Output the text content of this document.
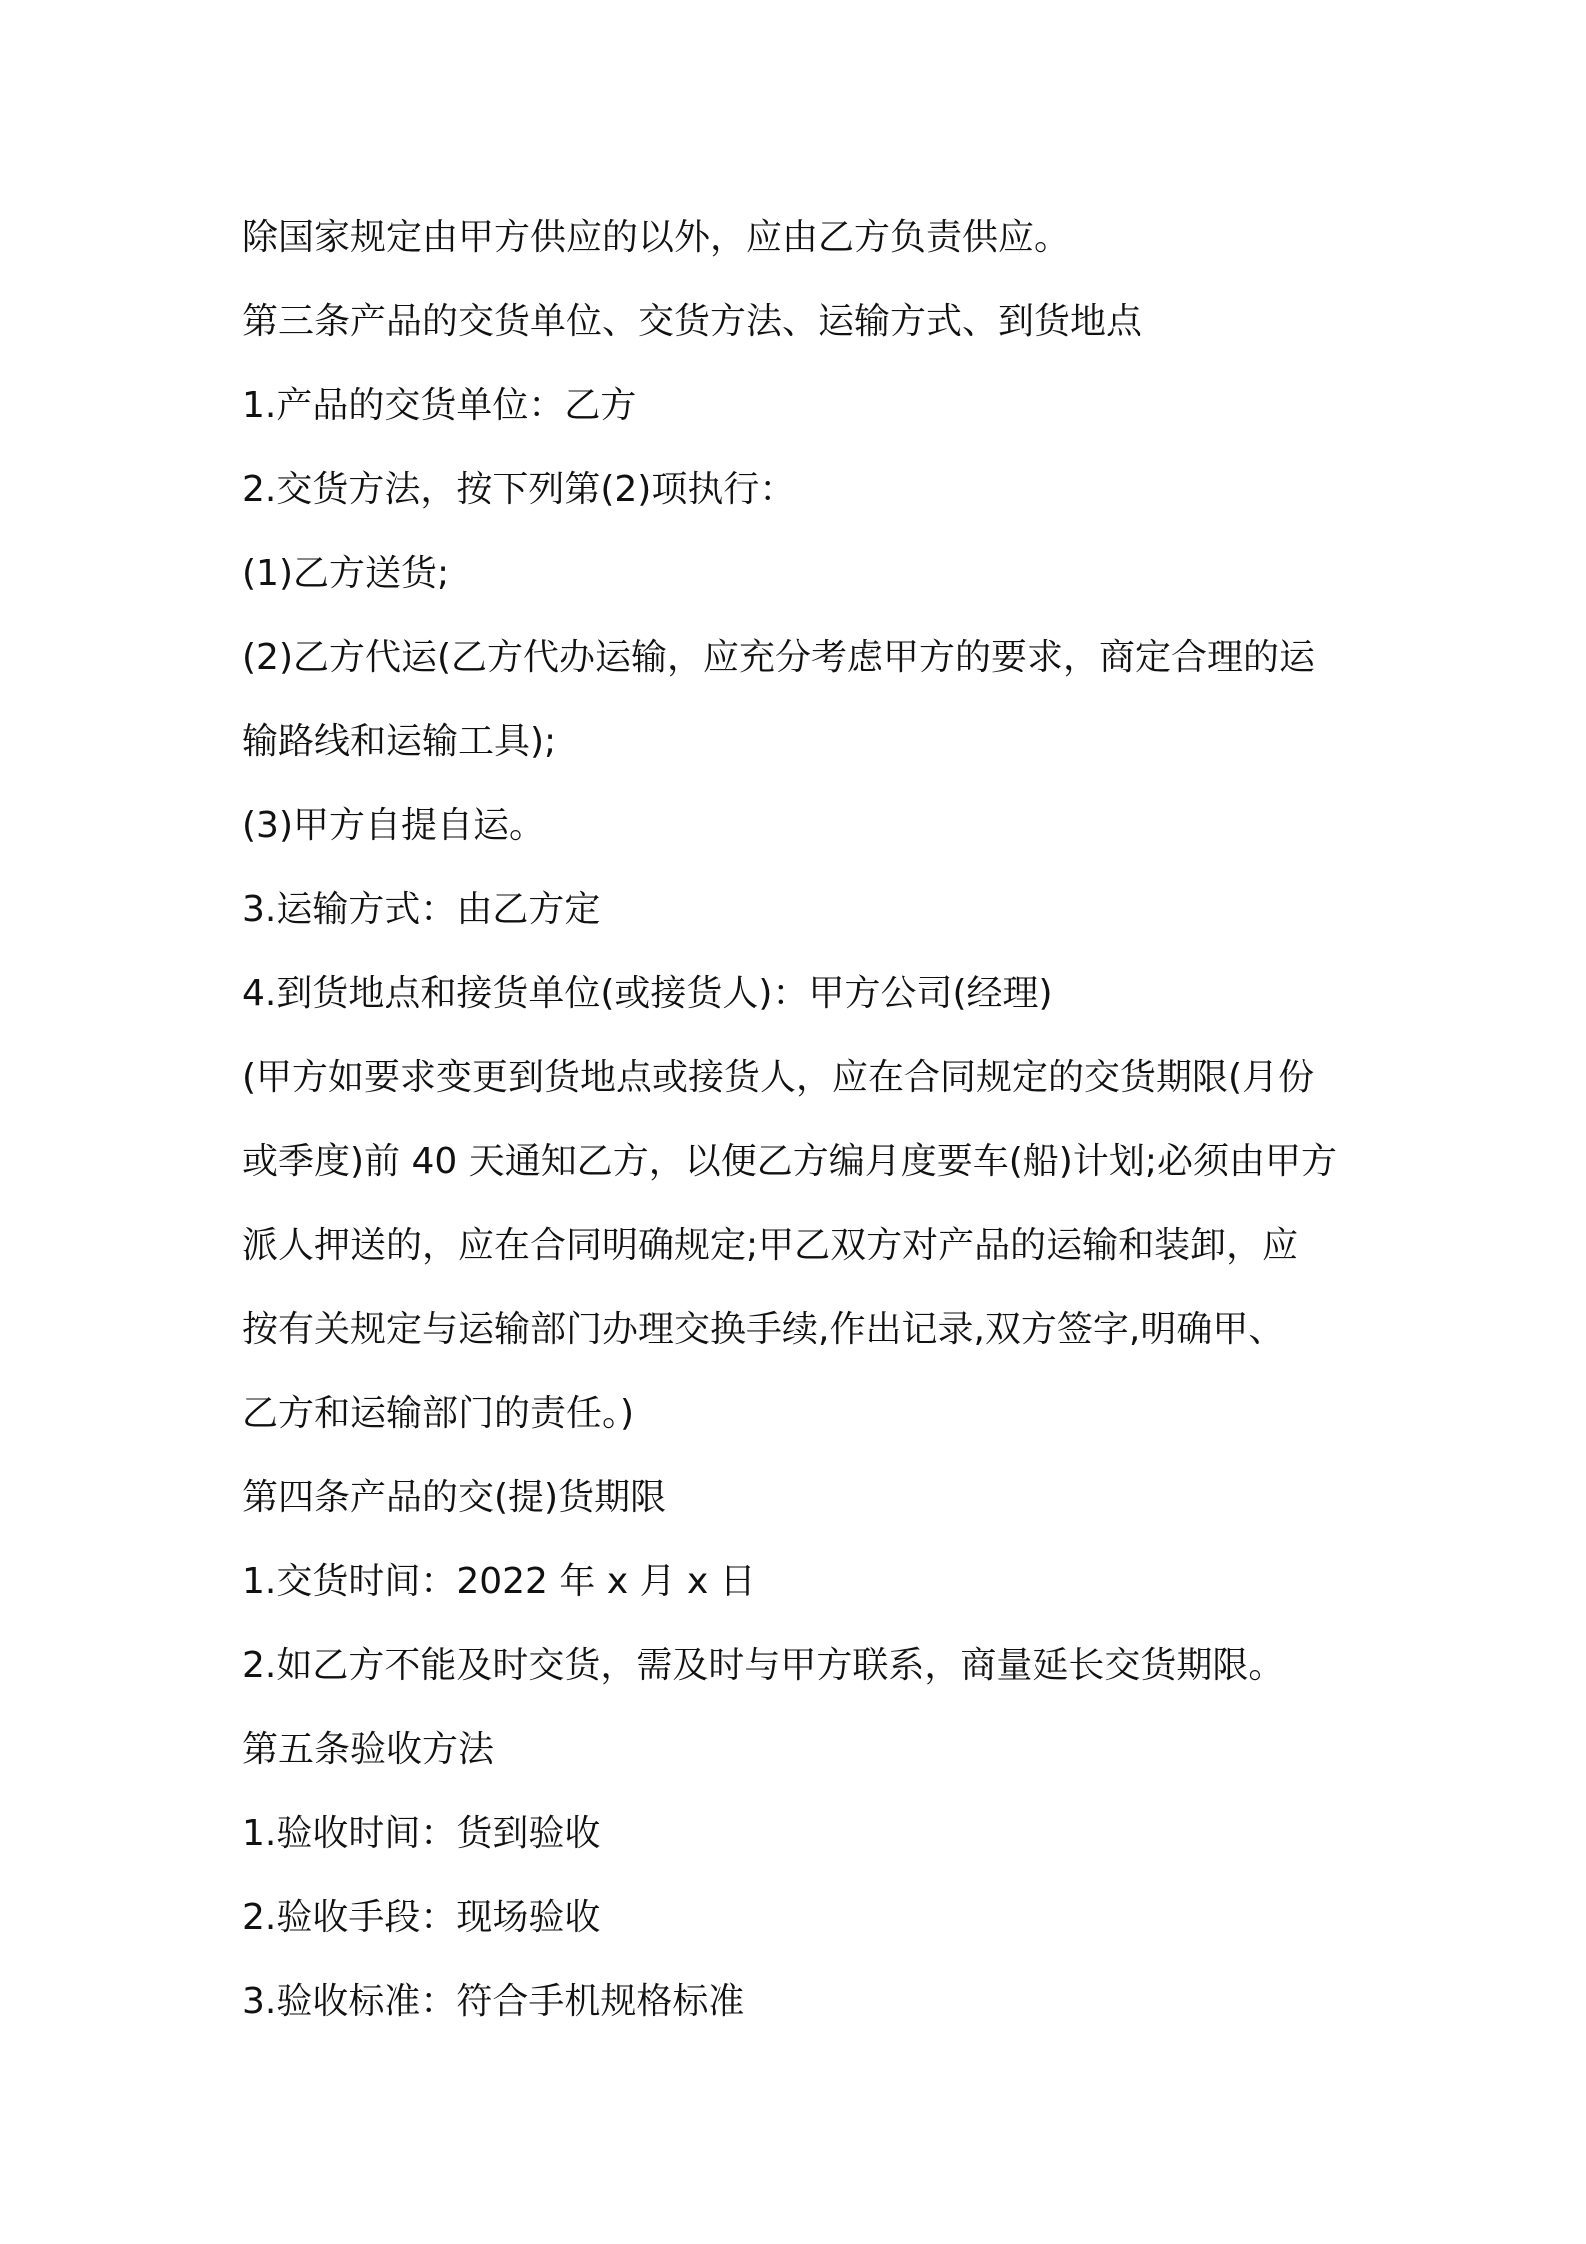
除国家规定由甲方供应的以外，应由乙方负责供应。

第三条产品的交货单位、交货方法、运输方式、到货地点

1.产品的交货单位：乙方

2.交货方法，按下列第(2)项执行：

(1)乙方送货;

(2)乙方代运(乙方代办运输，应充分考虑甲方的要求，商定合理的运

输路线和运输工具);

(3)甲方自提自运。

3.运输方式：由乙方定

4.到货地点和接货单位(或接货人)：甲方公司(经理)

(甲方如要求变更到货地点或接货人，应在合同规定的交货期限(月份

或季度)前 40 天通知乙方，以便乙方编月度要车(船)计划;必须由甲方

派人押送的，应在合同明确规定;甲乙双方对产品的运输和装卸，应

按有关规定与运输部门办理交换手续,作出记录,双方签字,明确甲、

乙方和运输部门的责任。)

第四条产品的交(提)货期限

1.交货时间：2022 年 x 月 x 日

2.如乙方不能及时交货，需及时与甲方联系，商量延长交货期限。

第五条验收方法

1.验收时间：货到验收

2.验收手段：现场验收

3.验收标准：符合手机规格标准
